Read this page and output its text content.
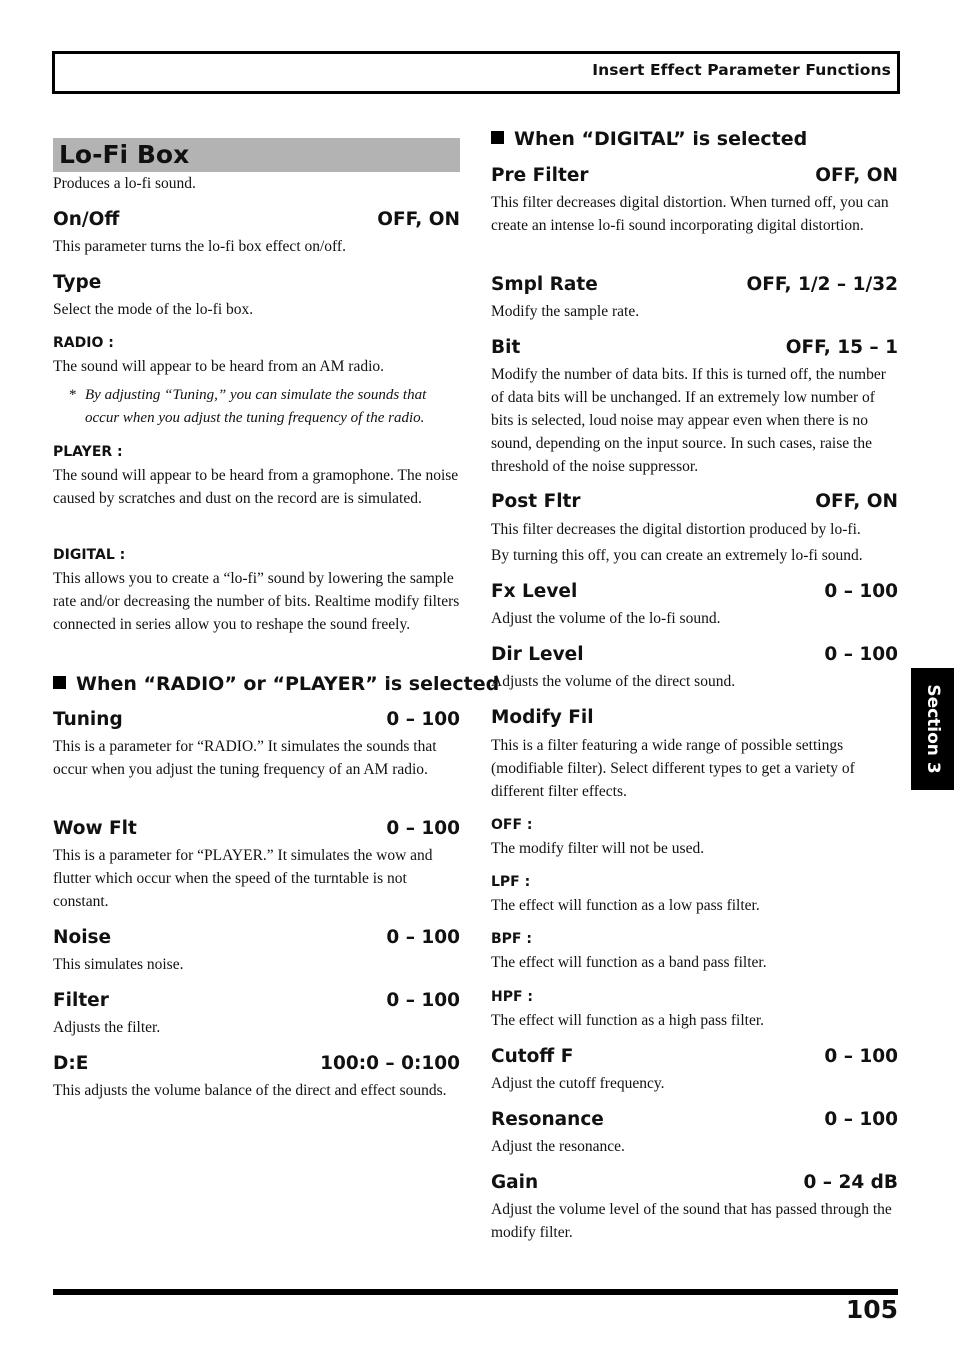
Insert Effect Parameter Functions
Lo-Fi Box
Produces a lo-fi sound.
On/Off	OFF, ON
This parameter turns the lo-fi box effect on/off.
Type
Select the mode of the lo-fi box.
RADIO :
The sound will appear to be heard from an AM radio.
* By adjusting “Tuning,” you can simulate the sounds that occur when you adjust the tuning frequency of the radio.
PLAYER :
The sound will appear to be heard from a gramophone. The noise caused by scratches and dust on the record are is simulated.
DIGITAL :
This allows you to create a “lo-fi” sound by lowering the sample rate and/or decreasing the number of bits. Realtime modify filters connected in series allow you to reshape the sound freely.
When “RADIO” or “PLAYER” is selected
Tuning	0 – 100
This is a parameter for “RADIO.” It simulates the sounds that occur when you adjust the tuning frequency of an AM radio.
Wow Flt	0 – 100
This is a parameter for “PLAYER.” It simulates the wow and flutter which occur when the speed of the turntable is not constant.
Noise	0 – 100
This simulates noise.
Filter	0 – 100
Adjusts the filter.
D:E	100:0 – 0:100
This adjusts the volume balance of the direct and effect sounds.
When “DIGITAL” is selected
Pre Filter	OFF, ON
This filter decreases digital distortion. When turned off, you can create an intense lo-fi sound incorporating digital distortion.
Smpl Rate	OFF, 1/2 – 1/32
Modify the sample rate.
Bit	OFF, 15 – 1
Modify the number of data bits. If this is turned off, the number of data bits will be unchanged. If an extremely low number of bits is selected, loud noise may appear even when there is no sound, depending on the input source. In such cases, raise the threshold of the noise suppressor.
Post Fltr	OFF, ON
This filter decreases the digital distortion produced by lo-fi.
By turning this off, you can create an extremely lo-fi sound.
Fx Level	0 – 100
Adjust the volume of the lo-fi sound.
Dir Level	0 – 100
Adjusts the volume of the direct sound.
Modify Fil
This is a filter featuring a wide range of possible settings (modifiable filter). Select different types to get a variety of different filter effects.
OFF :
The modify filter will not be used.
LPF :
The effect will function as a low pass filter.
BPF :
The effect will function as a band pass filter.
HPF :
The effect will function as a high pass filter.
Cutoff F	0 – 100
Adjust the cutoff frequency.
Resonance	0 – 100
Adjust the resonance.
Gain	0 – 24 dB
Adjust the volume level of the sound that has passed through the modify filter.
Section 3
105
